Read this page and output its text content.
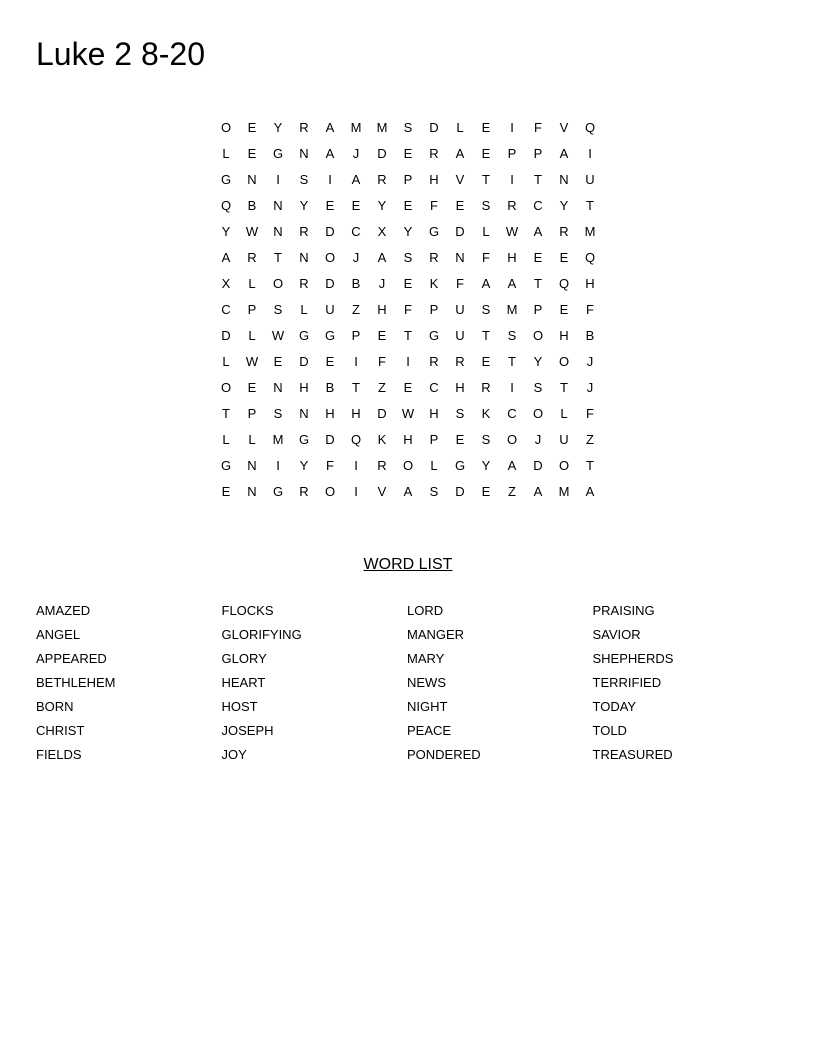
Luke 2 8-20
O	E	Y	R	A	M	M	S	D	L	E	I	F	V	Q
L	E	G	N	A	J	D	E	R	A	E	P	P	A	I
G	N	I	S	I	A	R	P	H	V	T	I	T	N	U
Q	B	N	Y	E	E	Y	E	F	E	S	R	C	Y	T
Y	W	N	R	D	C	X	Y	G	D	L	W	A	R	M
A	R	T	N	O	J	A	S	R	N	F	H	E	E	Q
X	L	O	R	D	B	J	E	K	F	A	A	T	Q	H
C	P	S	L	U	Z	H	F	P	U	S	M	P	E	F
D	L	W	G	G	P	E	T	G	U	T	S	O	H	B
L	W	E	D	E	I	F	I	R	R	E	T	Y	O	J
O	E	N	H	B	T	Z	E	C	H	R	I	S	T	J
T	P	S	N	H	H	D	W	H	S	K	C	O	L	F
L	L	M	G	D	Q	K	H	P	E	S	O	J	U	Z
G	N	I	Y	F	I	R	O	L	G	Y	A	D	O	T
E	N	G	R	O	I	V	A	S	D	E	Z	A	M	A
WORD LIST
AMAZED	FLOCKS	LORD	PRAISING
ANGEL	GLORIFYING	MANGER	SAVIOR
APPEARED	GLORY	MARY	SHEPHERDS
BETHLEHEM	HEART	NEWS	TERRIFIED
BORN	HOST	NIGHT	TODAY
CHRIST	JOSEPH	PEACE	TOLD
FIELDS	JOY	PONDERED	TREASURED
